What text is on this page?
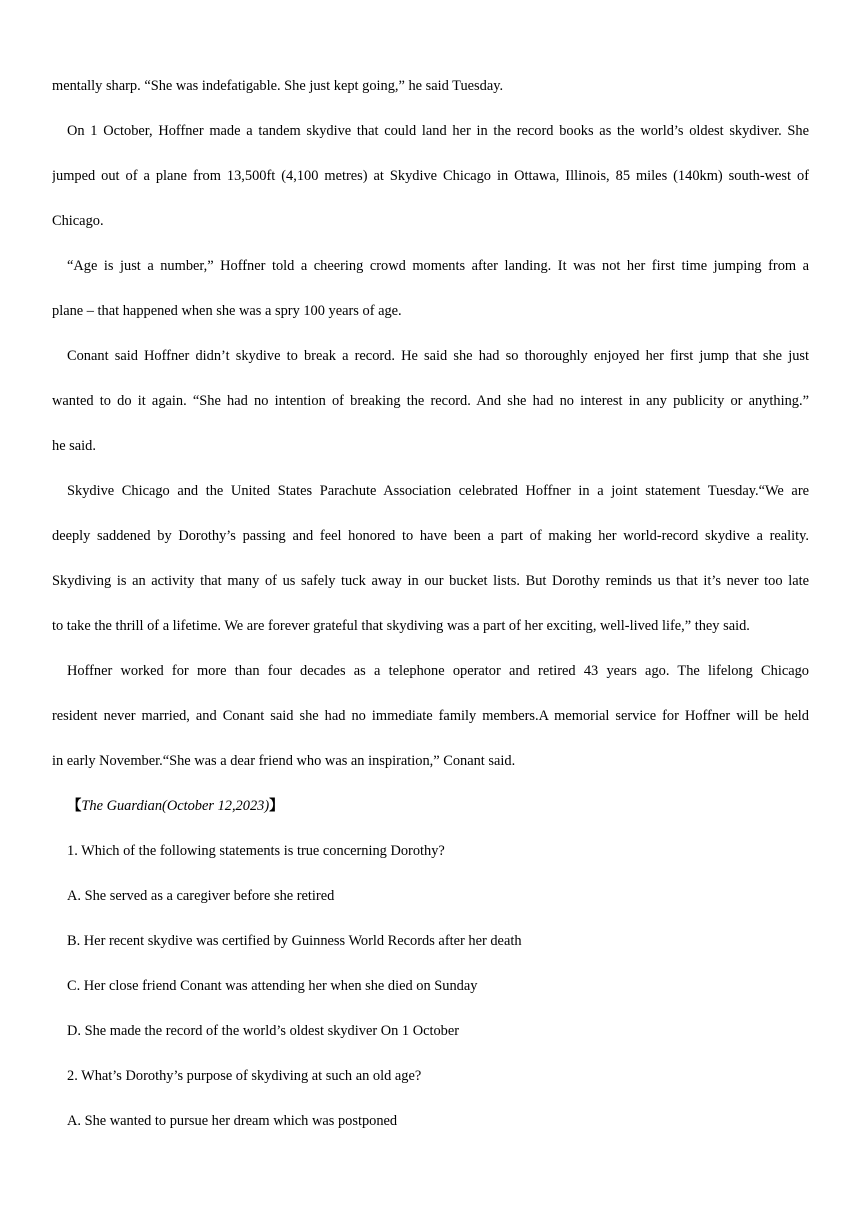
mentally sharp. “She was indefatigable. She just kept going,” he said Tuesday.
On 1 October, Hoffner made a tandem skydive that could land her in the record books as the world’s oldest skydiver. She
jumped out of a plane from 13,500ft (4,100 metres) at Skydive Chicago in Ottawa, Illinois, 85 miles (140km) south-west of
Chicago.
“Age is just a number,” Hoffner told a cheering crowd moments after landing. It was not her first time jumping from a
plane – that happened when she was a spry 100 years of age.
Conant said Hoffner didn’t skydive to break a record. He said she had so thoroughly enjoyed her first jump that she just
wanted to do it again. “She had no intention of breaking the record. And she had no interest in any publicity or anything.”
he said.
Skydive Chicago and the United States Parachute Association celebrated Hoffner in a joint statement Tuesday.“We are
deeply saddened by Dorothy’s passing and feel honored to have been a part of making her world-record skydive a reality.
Skydiving is an activity that many of us safely tuck away in our bucket lists. But Dorothy reminds us that it’s never too late
to take the thrill of a lifetime. We are forever grateful that skydiving was a part of her exciting, well-lived life,” they said.
Hoffner worked for more than four decades as a telephone operator and retired 43 years ago. The lifelong Chicago
resident never married, and Conant said she had no immediate family members.A memorial service for Hoffner will be held
in early November.“She was a dear friend who was an inspiration,” Conant said.
【The Guardian(October 12,2023)】
1. Which of the following statements is true concerning Dorothy?
A. She served as a caregiver before she retired
B. Her recent skydive was certified by Guinness World Records after her death
C. Her close friend Conant was attending her when she died on Sunday
D. She made the record of the world’s oldest skydiver On 1 October
2. What’s Dorothy’s purpose of skydiving at such an old age?
A. She wanted to pursue her dream which was postponed
